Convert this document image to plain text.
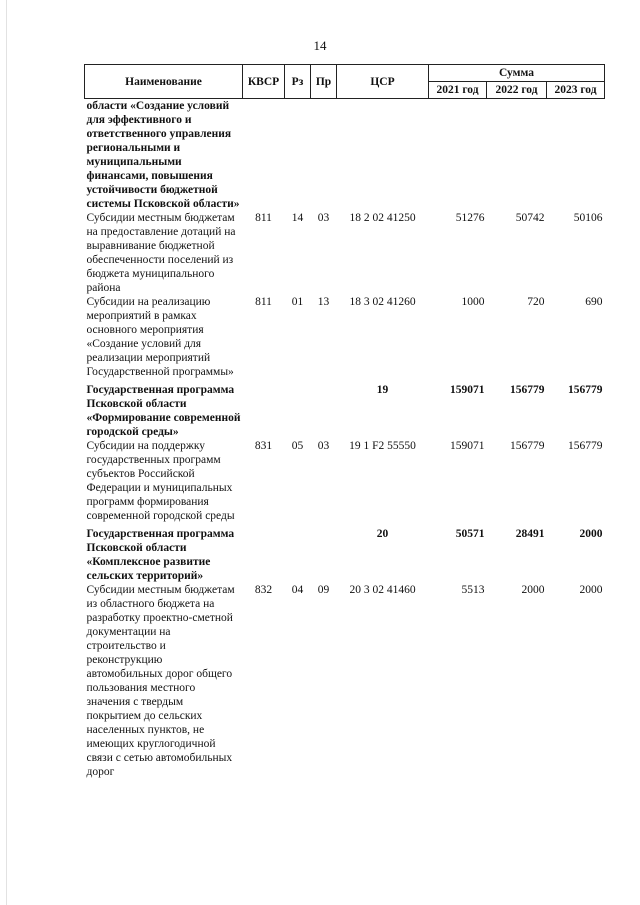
14
Наименование	КВСР	Рз	Пр	ЦСР	Сумма		
					2021 год	2022 год	2023 год
области «Создание условий для эффективного и ответственного управления региональными и муниципальными финансами, повышения устойчивости бюджетной системы Псковской области»							
Субсидии местным бюджетам на предоставление дотаций на выравнивание бюджетной обеспеченности поселений из бюджета муниципального района	811	14	03	18 2 02 41250	51276	50742	50106
Субсидии на реализацию мероприятий в рамках основного мероприятия «Создание условий для реализации мероприятий Государственной программы»	811	01	13	18 3 02 41260	1000	720	690
Государственная программа Псковской области «Формирование современной городской среды»				19	159071	156779	156779
Субсидии на поддержку государственных программ субъектов Российской Федерации и муниципальных программ формирования современной городской среды	831	05	03	19 1 F2 55550	159071	156779	156779
Государственная программа Псковской области «Комплексное развитие сельских территорий»				20	50571	28491	2000
Субсидии местным бюджетам из областного бюджета на разработку проектно-сметной документации на строительство и реконструкцию автомобильных дорог общего пользования местного значения с твердым покрытием до сельских населенных пунктов, не имеющих круглогодичной связи с сетью автомобильных дорог	832	04	09	20 3 02 41460	5513	2000	2000
